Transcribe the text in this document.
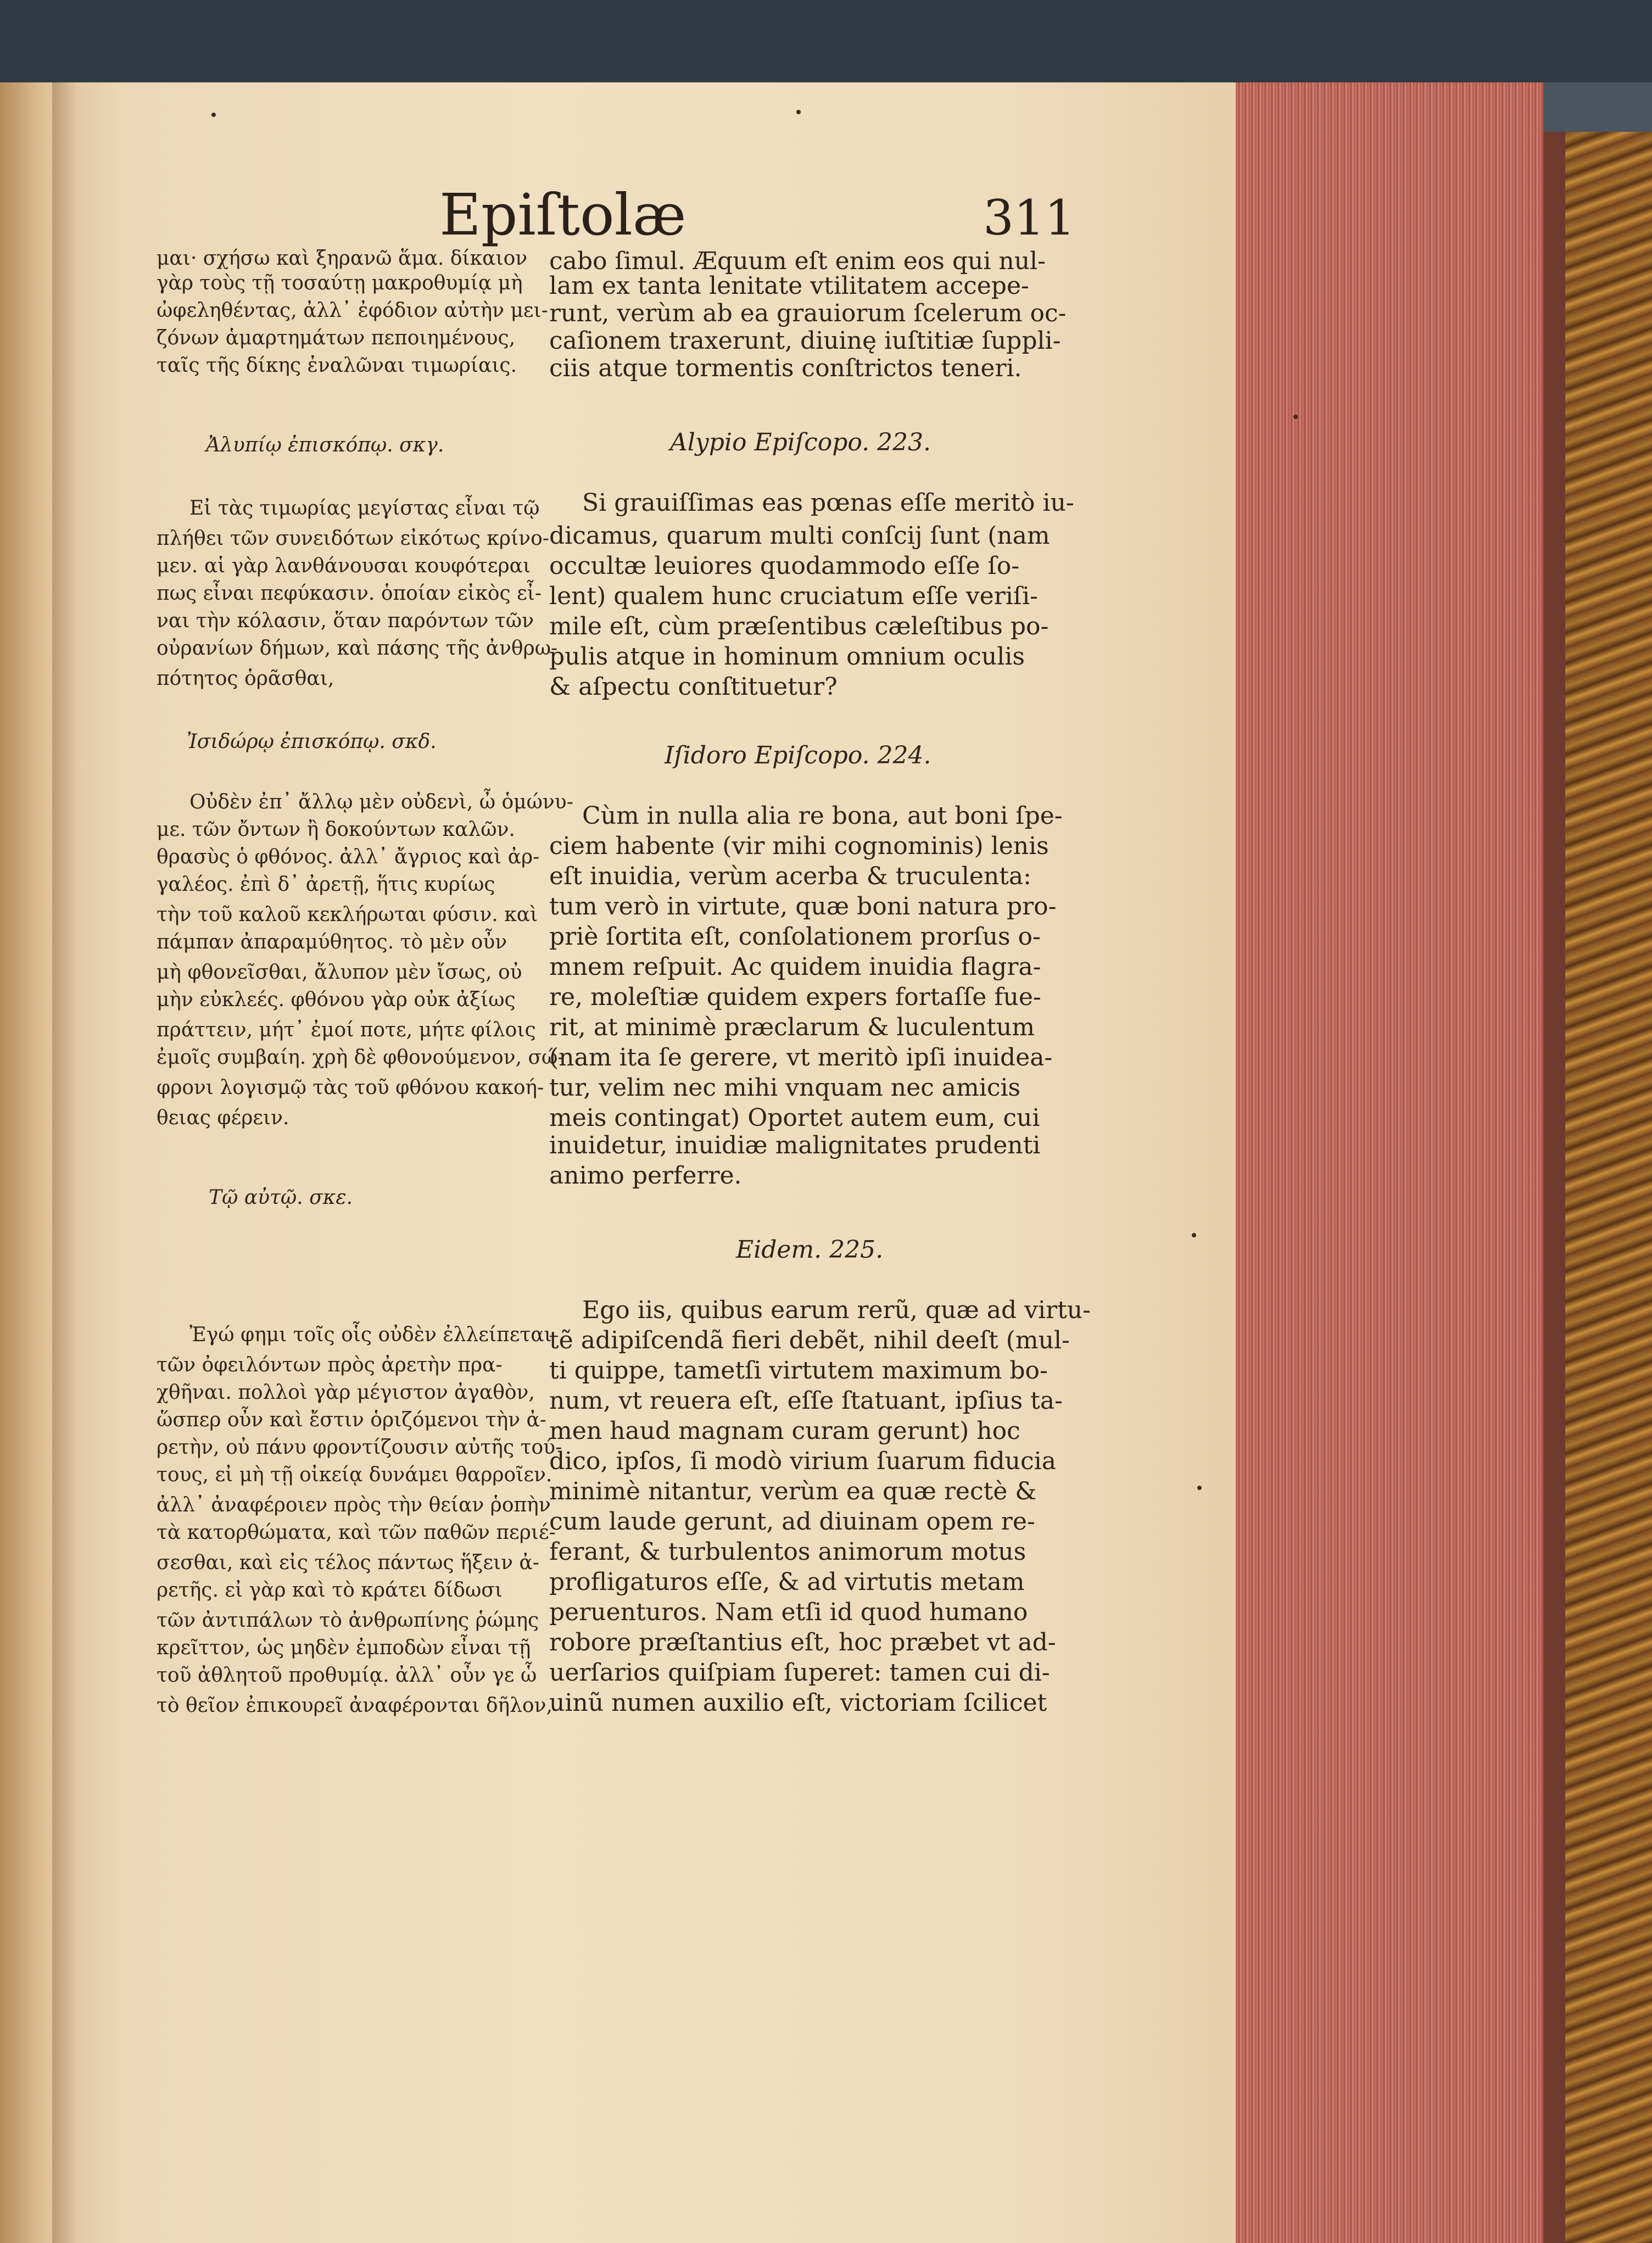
Epiſtolæ	311
μαι· σχήσω καὶ ξηρανῶ ἅμα. δίκαιον
γὰρ τοὺς τῇ τοσαύτῃ μακροθυμίᾳ μὴ
ὠφεληθέντας, ἀλλ᾽ ἐφόδιον αὐτὴν μει-
ζόνων ἁμαρτημάτων πεποιημένους,
ταῖς τῆς δίκης ἐναλῶναι τιμωρίαις.
Ἀλυπίῳ ἐπισκόπῳ. σκγ.
Εἰ τὰς τιμωρίας μεγίστας εἶναι τῷ
πλήθει τῶν συνειδότων εἰκότως κρίνο-
μεν. αἱ γὰρ λανθάνουσαι κουφότεραι
πως εἶναι πεφύκασιν. ὁποίαν εἰκὸς εἶ-
ναι τὴν κόλασιν, ὅταν παρόντων τῶν
οὐρανίων δήμων, καὶ πάσης τῆς ἀνθρω-
πότητος ὁρᾶσθαι,
Ἰσιδώρῳ ἐπισκόπῳ. σκδ.
Οὐδὲν ἐπ᾽ ἄλλῳ μὲν οὐδενὶ, ὦ ὁμώνυ-
με. τῶν ὄντων ἢ δοκούντων καλῶν.
θρασὺς ὁ φθόνος. ἀλλ᾽ ἄγριος καὶ ἀρ-
γαλέος. ἐπὶ δ᾽ ἀρετῇ, ἥτις κυρίως
τὴν τοῦ καλοῦ κεκλήρωται φύσιν. καὶ
πάμπαν ἀπαραμύθητος. τὸ μὲν οὖν
μὴ φθονεῖσθαι, ἄλυπον μὲν ἴσως, οὐ
μὴν εὐκλεές. φθόνου γὰρ οὐκ ἀξίως
πράττειν, μήτ᾽ ἐμοί ποτε, μήτε φίλοις
ἐμοῖς συμβαίη. χρὴ δὲ φθονούμενον, σώ-
φρονι λογισμῷ τὰς τοῦ φθόνου κακοή-
θειας φέρειν.
Τῷ αὐτῷ. σκε.
Ἐγώ φημι τοῖς οἷς οὐδὲν ἐλλείπεται
τῶν ὀφειλόντων πρὸς ἀρετὴν πρα-
χθῆναι. πολλοὶ γὰρ μέγιστον ἀγαθὸν,
ὥσπερ οὖν καὶ ἔστιν ὁριζόμενοι τὴν ἀ-
ρετὴν, οὐ πάνυ φροντίζουσιν αὐτῆς τού-
τους, εἰ μὴ τῇ οἰκείᾳ δυνάμει θαρροῖεν.
ἀλλ᾽ ἀναφέροιεν πρὸς τὴν θείαν ῥοπὴν
τὰ κατορθώματα, καὶ τῶν παθῶν περιέ-
σεσθαι, καὶ εἰς τέλος πάντως ἥξειν ἀ-
ρετῆς. εἰ γὰρ καὶ τὸ κράτει δίδωσι
τῶν ἀντιπάλων τὸ ἀνθρωπίνης ῥώμης
κρεῖττον, ὡς μηδὲν ἐμποδὼν εἶναι τῇ
τοῦ ἀθλητοῦ προθυμίᾳ. ἀλλ᾽ οὖν γε ὧ
τὸ θεῖον ἐπικουρεῖ ἀναφέρονται δῆλον,
cabo ſimul. Æquum eſt enim eos qui nul-
lam ex tanta lenitate vtilitatem accepe-
runt, verùm ab ea grauiorum ſcelerum oc-
caſionem traxerunt, diuinę iuſtitiæ ſuppli-
ciis atque tormentis conſtrictos teneri.
Alypio Epiſcopo. 223.
Si grauiſſimas eas pœnas eſſe meritò iu-
dicamus, quarum multi conſcij ſunt (nam
occultæ leuiores quodammodo eſſe ſo-
lent) qualem hunc cruciatum eſſe veriſi-
mile eſt, cùm præſentibus cæleſtibus po-
pulis atque in hominum omnium oculis
& aſpectu conſtituetur?
Iſidoro Epiſcopo. 224.
Cùm in nulla alia re bona, aut boni ſpe-
ciem habente (vir mihi cognominis) lenis
eſt inuidia, verùm acerba & truculenta:
tum verò in virtute, quæ boni natura pro-
priè ſortita eſt, conſolationem prorſus o-
mnem reſpuit. Ac quidem inuidia flagra-
re, moleſtiæ quidem expers fortaſſe fue-
rit, at minimè præclarum & luculentum
(nam ita ſe gerere, vt meritò ipſi inuidea-
tur, velim nec mihi vnquam nec amicis
meis contingat) Oportet autem eum, cui
inuidetur, inuidiæ malignitates prudenti
animo perferre.
Eidem. 225.
Ego iis, quibus earum rerũ, quæ ad virtu-
tẽ adipiſcendã fieri debẽt, nihil deeſt (mul-
ti quippe, tametſi virtutem maximum bo-
num, vt reuera eſt, eſſe ſtatuant, ipſius ta-
men haud magnam curam gerunt) hoc
dico, ipſos, ſi modò virium ſuarum fiducia
minimè nitantur, verùm ea quæ rectè &
cum laude gerunt, ad diuinam opem re-
ferant, & turbulentos animorum motus
profligaturos eſſe, & ad virtutis metam
peruenturos. Nam etſi id quod humano
robore præſtantius eſt, hoc præbet vt ad-
uerſarios quiſpiam ſuperet: tamen cui di-
uinũ numen auxilio eſt, victoriam ſcilicet
